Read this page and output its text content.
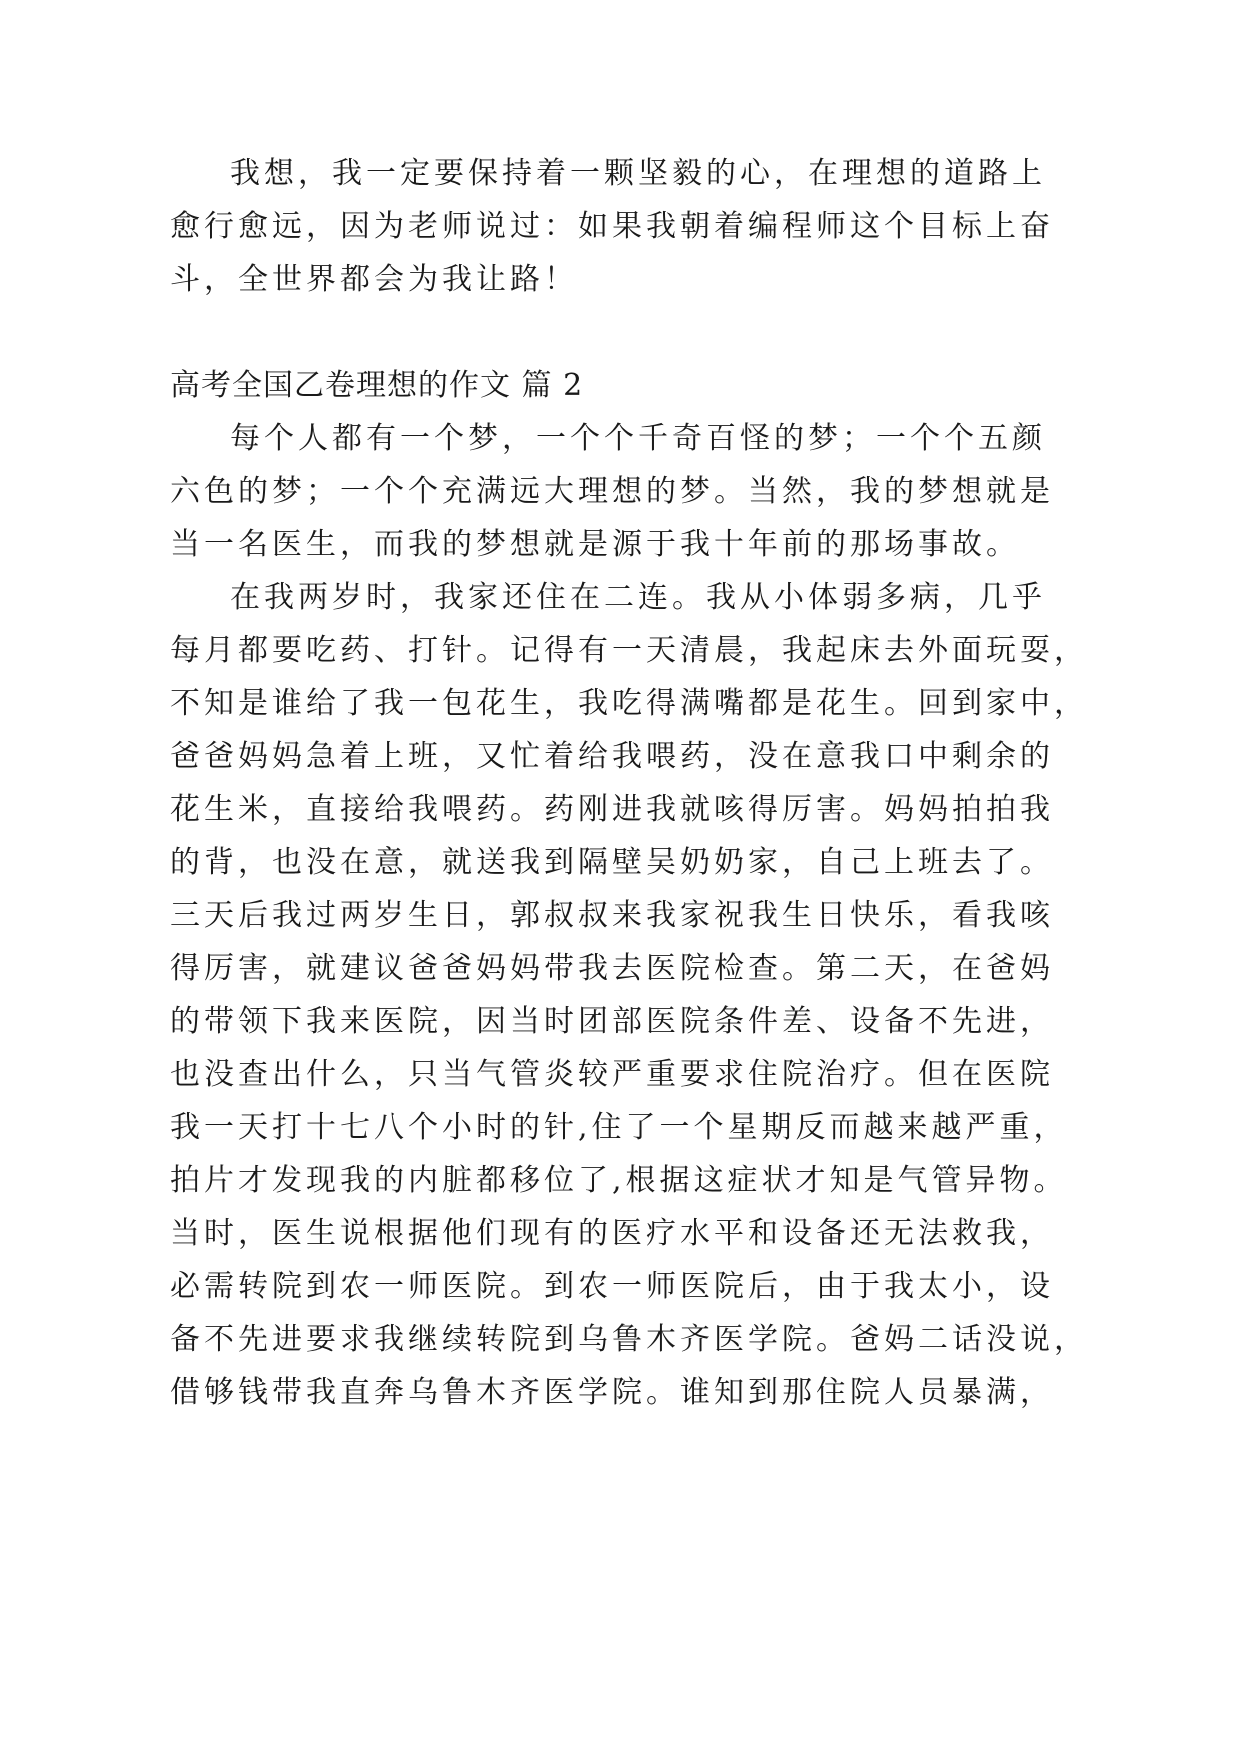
我想，我一定要保持着一颗坚毅的心，在理想的道路上
愈行愈远，因为老师说过：如果我朝着编程师这个目标上奋
斗，全世界都会为我让路！
高考全国乙卷理想的作文 篇 2
每个人都有一个梦，一个个千奇百怪的梦；一个个五颜
六色的梦；一个个充满远大理想的梦。当然，我的梦想就是
当一名医生，而我的梦想就是源于我十年前的那场事故。
在我两岁时，我家还住在二连。我从小体弱多病，几乎
每月都要吃药、打针。记得有一天清晨，我起床去外面玩耍，
不知是谁给了我一包花生，我吃得满嘴都是花生。回到家中，
爸爸妈妈急着上班，又忙着给我喂药，没在意我口中剩余的
花生米，直接给我喂药。药刚进我就咳得厉害。妈妈拍拍我
的背，也没在意，就送我到隔壁吴奶奶家，自己上班去了。
三天后我过两岁生日，郭叔叔来我家祝我生日快乐，看我咳
得厉害，就建议爸爸妈妈带我去医院检查。第二天，在爸妈
的带领下我来医院，因当时团部医院条件差、设备不先进，
也没查出什么，只当气管炎较严重要求住院治疗。但在医院
我一天打十七八个小时的针,住了一个星期反而越来越严重，
拍片才发现我的内脏都移位了,根据这症状才知是气管异物。
当时，医生说根据他们现有的医疗水平和设备还无法救我，
必需转院到农一师医院。到农一师医院后，由于我太小，设
备不先进要求我继续转院到乌鲁木齐医学院。爸妈二话没说，
借够钱带我直奔乌鲁木齐医学院。谁知到那住院人员暴满，
